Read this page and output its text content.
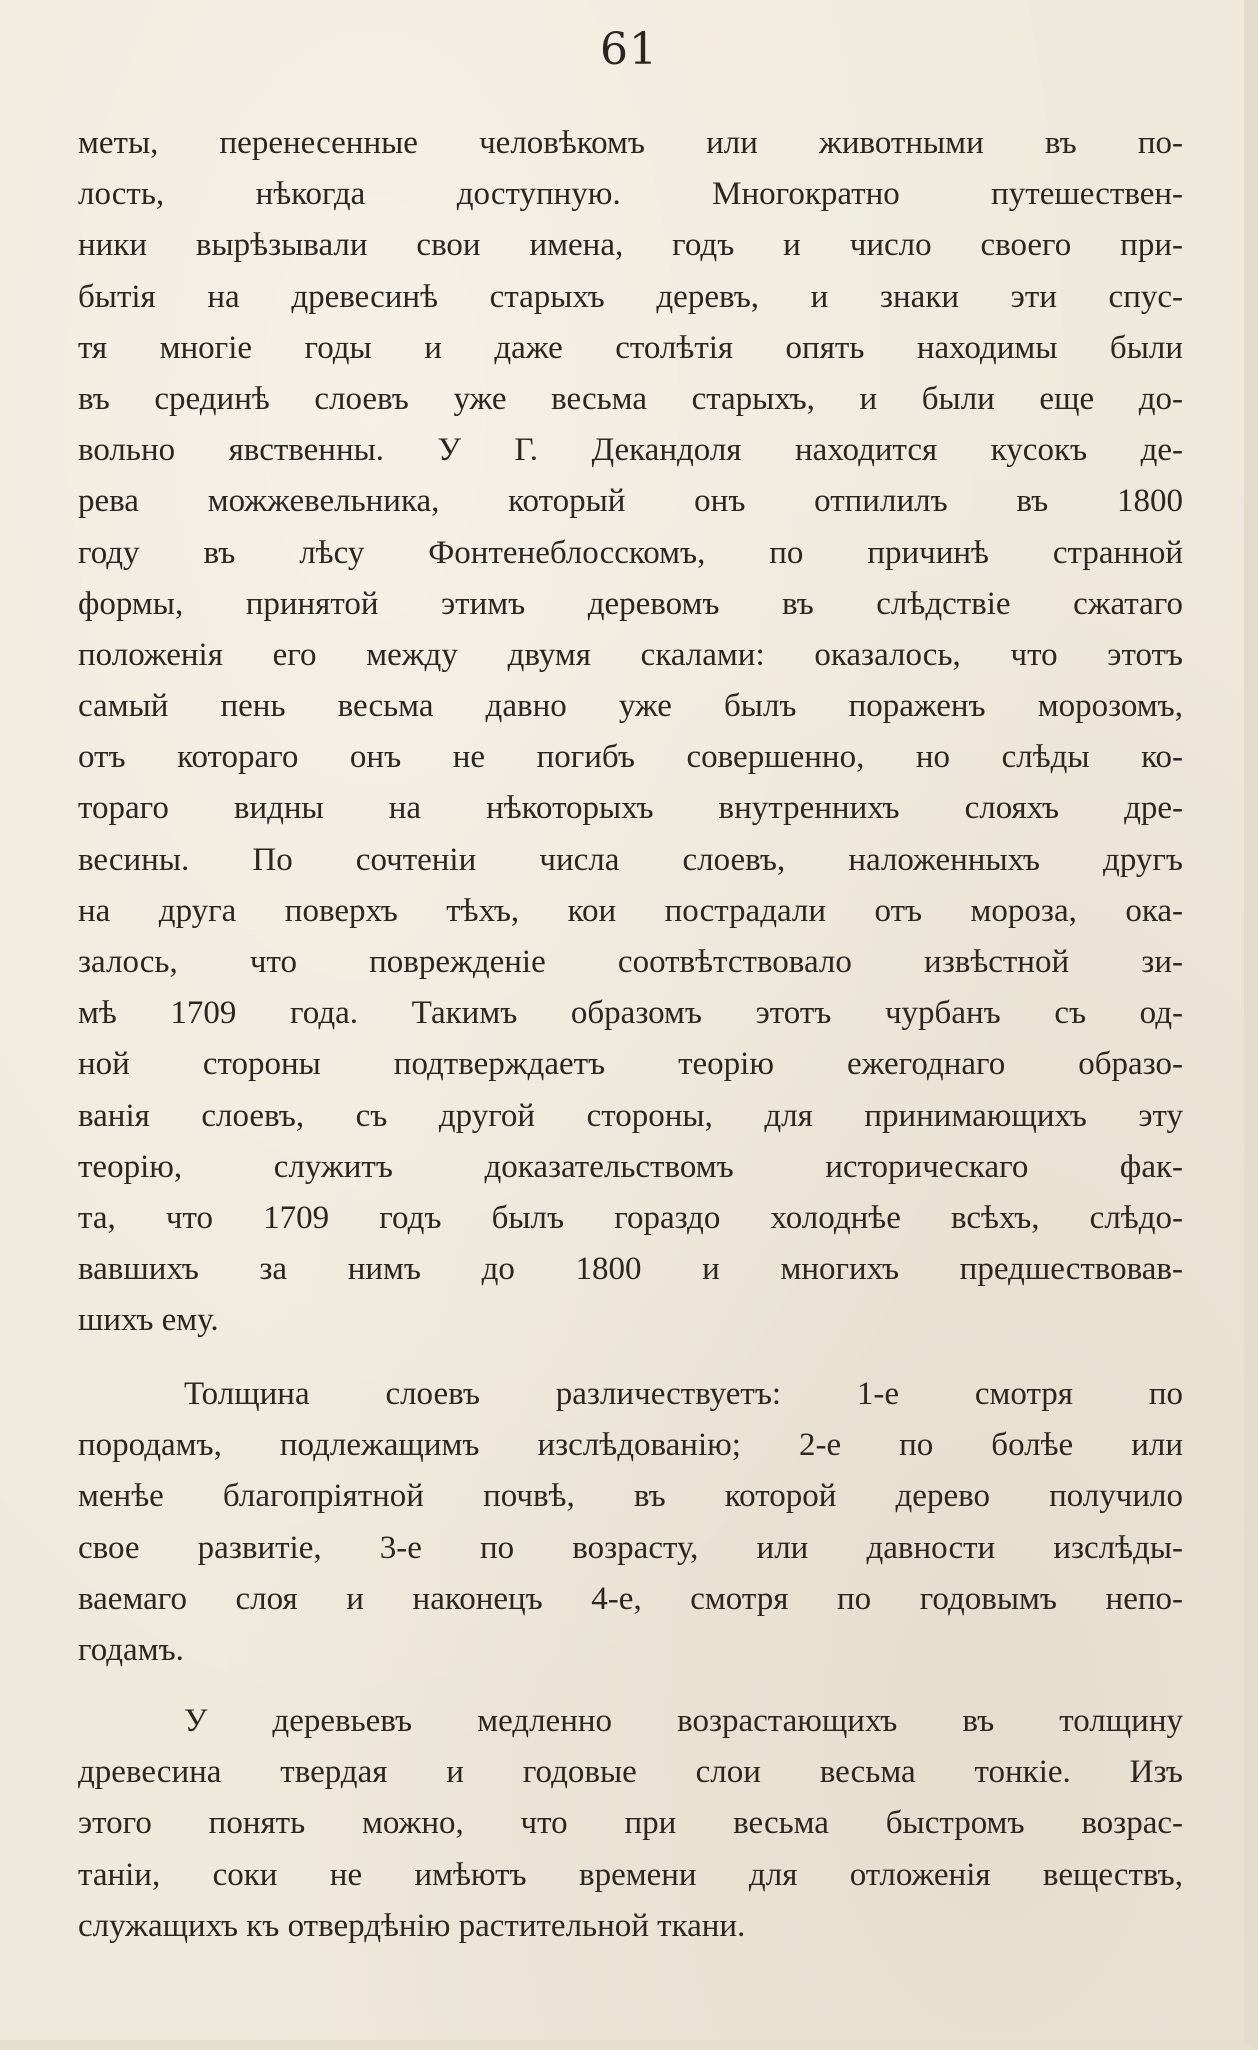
61
меты, перенесенные человѣкомъ или животными въ по-
лость, нѣкогда доступную. Многократно путешествен-
ники вырѣзывали свои имена, годъ и число своего при-
бытія на древесинѣ старыхъ деревъ, и знаки эти спус-
тя многіе годы и даже столѣтія опять находимы были
въ срединѣ слоевъ уже весьма старыхъ, и были еще до-
вольно явственны. У Г. Декандоля находится кусокъ де-
рева можжевельника, который онъ отпилилъ въ 1800
году въ лѣсу Фонтенеблосскомъ, по причинѣ странной
формы, принятой этимъ деревомъ въ слѣдствіе сжатаго
положенія его между двумя скалами: оказалось, что этотъ
самый пень весьма давно уже былъ пораженъ морозомъ,
отъ котораго онъ не погибъ совершенно, но слѣды ко-
тораго видны на нѣкоторыхъ внутреннихъ слояхъ дре-
весины. По сочтеніи числа слоевъ, наложенныхъ другъ
на друга поверхъ тѣхъ, кои пострадали отъ мороза, ока-
залось, что поврежденіе соотвѣтствовало извѣстной зи-
мѣ 1709 года. Такимъ образомъ этотъ чурбанъ съ од-
ной стороны подтверждаетъ теорію ежегоднаго образо-
ванія слоевъ, съ другой стороны, для принимающихъ эту
теорію, служитъ доказательствомъ историческаго фак-
та, что 1709 годъ былъ гораздо холоднѣе всѣхъ, слѣдо-
вавшихъ за нимъ до 1800 и многихъ предшествовав-
шихъ ему.
Толщина слоевъ различествуетъ: 1-е смотря по
породамъ, подлежащимъ изслѣдованію; 2-е по болѣе или
менѣе благопріятной почвѣ, въ которой дерево получило
свое развитіе, 3-е по возрасту, или давности изслѣды-
ваемаго слоя и наконецъ 4-е, смотря по годовымъ непо-
годамъ.
У деревьевъ медленно возрастающихъ въ толщину
древесина твердая и годовые слои весьма тонкіе. Изъ
этого понять можно, что при весьма быстромъ возрас-
таніи, соки не имѣютъ времени для отложенія веществъ,
служащихъ къ отвердѣнію растительной ткани.
